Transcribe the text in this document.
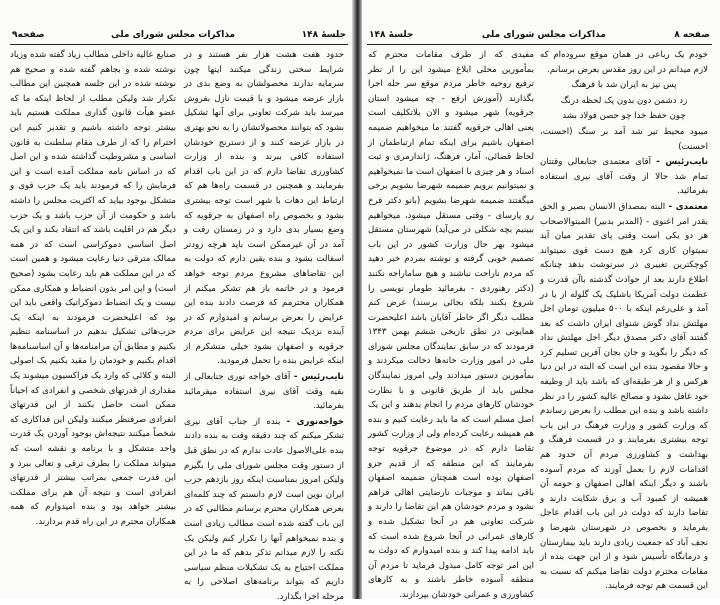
صفحه ۸
مذاکرات مجلس شورای ملی
جلسهٔ ۱۴۸

خودم یک رباعی در همان موقع سروده‌ام که لازم میدانم در این روز مقدس بعرض برسانم.

پس نیز به ایران شد با فرهنگ

زد دشمن دون بدون یک لحظه درنگ

چون حفظ خدا چو حصن فولاد بشد

میبود محیط تیر شد آمد بر سنگ (احسنت، احسنت)

نایب‌رئیس - آقای معتمدی جنابعالی وقتتان تمام شد حالا از وقت آقای نیری استفاده بفرمائید.

معتمدی - البته بمصداق الانسان بصیر و الحق بقدر امر اعنوی - (المدبر بدبیر) المبتوالاصحاب هر دو یکی است وقتی پای تقدیر میان آید نمیتوان کاری کرد هیچ دست قوی نمیتواند کوچکترین تغییری در سرنوشت بدهد چنانکه اطلاع دارند بعد از حوادث گذشته باآن قدرت و عظمت دولت آمریکا باشلیک یک گلوله از یا در آمد و علی‌رغم اینکه با ۵۰۰ میلیون تومان اجل مهلتش نداد گوش شنوای ایران داشت که بعد گفتند آقای دکتر مصدق دیگر اجل مهلتش نداد که دیگر را بگوید و جان بجان آفرین تسلیم کرد و حالا مقصود بنده این است که البته در این دنیا هرکس و از هر طبقه‌ای که باشد باید از وظیفه خود غافل نشود و مصالح عالیه کشور را در نظر داشته باشد و بنده این مطلب را بعرض رساندم که وزارت کشور و وزارت فرهنگ در این باب توجه بیشتری بفرمایند و در قسمت فرهنگ و بهداشت و کشاورزی مردم آن حدود هم اقدامات لازم را بعمل آورند که مردم آسوده باشند و دیگر اینکه اهالی اصفهان و حومه آن همیشه از کمبود آب و برق شکایت دارند و تقاضا دارند که دولت در این باب اقدام عاجل بفرماید و بخصوص در شهرستان شهرضا و نجف آباد که جمعیت زیادی دارند باید بیمارستان و درمانگاه تأسیس شود و از این جهت بنده از مقامات محترم دولت تقاضا میکنم که نسبت به این قسمت هم توجه فرمایند.

مفیدی که از طرف مقامات محترم که بمأمورین محلی ابلاغ میشود این را از نظر ترفیع روحیه خاطر مردم موقع سر حله اجرا بگذارند (آموزش ارفع - چه میشود استان جرقویه) شهر میشود و الان بلاتکلیف است یعنی اهالی جرقویه گفتند ما میخواهیم ضمیمه اصفهان باشیم برای اینکه تمام ارتباطمان از لحاظ قضائی، آمار، فرهنگ، ژاندارمری و ثبت اسناد و هر چیزی با اصفهان است ما نمیخواهیم و نمیتوانیم برویم ضمیمه شهرضا بشویم برخی میگفتند ضمیمه شهرضا بشویم (بانو دکتر فرخ رو پارسای - وقتی مستقل میشود، میخواهیم ببینیم بچه شکلی در می‌آید) شهرستان مستقل میشود بهر حال وزارت کشور در این باب تصمیم خوبی گرفته و نوشته بمردم خبر دهید که مردم ناراحت نباشند و هیچ ساماراجه نکنند (دکتر رهنوردی - بفرمائید طومار نویسی را شروع بکنند بلکه بجائی برسند) عرض کنم مطلب دیگر اگر خاطر آقایان باشد اعلیحضرت همایونی در نطق تاریخی ششم بهمن ۱۳۴۳ فرمودند که در سابق نمایندگان مجلس شورای ملی در امور وزارت خانه‌ها دخالت میکردند و بمأمورین دستور میدادند ولی امروز نمایندگان مجلس باید از طریق قانونی و با نظارت خودشان کارهای مردم را انجام بدهند و این یک اصل مسلم است که ما باید رعایت کنیم و بنده هم همیشه رعایت کرده‌ام ولی از وزارت کشور تقاضا دارم که در موضوع جرقویه توجه بفرمایند که این منطقه که از قدیم جزو اصفهان بوده است همچنان ضمیمه اصفهان باقی بماند و موجبات نارضایتی اهالی فراهم نشود و مردم خودشان هم این تقاضا را دارند و شرکت تعاونی هم در آنجا تشکیل شده و کارهای عمرانی در آنجا شروع شده است که باید ادامه پیدا کند و بنده امیدوارم که دولت به این امر توجه کامل مبذول فرماید تا مردم آن منطقه آسوده خاطر باشند و به کارهای کشاورزی و عمرانی خودشان بپردازند.

جلسهٔ ۱۴۸
مذاکرات مجلس شورای ملی
صفحه۹

حدود هفت هشت هزار نفر هستند و در شرایط سختی زندگی میکنند اینها چون سرمایه ندارند محصولشان به وضع بدی در بازار عرضه میشود و با قیمت نازل بفروش میرسد باید شرکت تعاونی برای آنها تشکیل بشود که بتوانند محصولاتشان را به نحو بهتری در بازار عرضه کنند و از دسترنج خودشان استفاده کافی ببرند و بنده از وزارت کشاورزی تقاضا دارم که در این باب اقدام بفرمایند و همچنین در قسمت راه‌ها هم که ارتباط این دهات با شهر است توجه بیشتری بشود و بخصوص راه اصفهان به جرقویه که وضع بسیار بدی دارد و در زمستان رفت و آمد در آن غیرممکن است باید هرچه زودتر اسفالت بشود و بنده یقین دارم که دولت به این تقاضاهای مشروع مردم توجه خواهد فرمود و در خاتمه باز هم تشکر میکنم از همکاران محترمم که فرصت دادند بنده این عرایض را بعرض برسانم و امیدوارم که در آینده نزدیک نتیجه این عرایض برای مردم جرقویه و اصفهان بشود خیلی متشکرم از اینکه عرایض بنده را تحمل فرمودید.

نایب‌رئیس - آقای خواجه نوری جنابعالی از بقیه وقت آقای نیری استفاده میفرمائید بفرمائید.

خواجه‌نوری - بنده از جناب آقای نیری تشکر میکنم که چند دقیقه وقت به بنده دادند بنده علی‌الاصول عادت ندارم که در نطق قبل از دستور وقت مجلس شورای ملی را بگیرم ولیکن امروز بمناسبت اینکه روز بازدهم حزب ایران نوین است لازم دانستم که چند کلمه‌ای بعرض همکاران محترم برسانم مطالبی که در این باب گفته شده است مطالب زیادی است و بنده نمیخواهم آنها را تکرار کنم ولیکن یک نکته را لازم میدانم تذکر بدهم که ما در این مملکت احتیاج به یک تشکیلات منظم سیاسی داریم که بتواند برنامه‌های اصلاحی را به مرحله اجرا بگذارد.

صنایع عالیه داخلی مطالب زیاد گفته شده وزیاد نوشته شده و بجاهم گفته شده و صحیح هم نوشته شده در این جلسه همچنین این مطالب تکرار شد ولیکن مطلب از لحاظ اینکه ما که عضو هیأت قانون گذاری مملکت هستیم باید بیشتر توجه داشته باشیم و تقدیر کنیم این احترام را که از طرف مقام سلطنت به قانون اساسی و مشروطیت گذاشته شده و این اصل که در اساس نامه مملکت آمده است و این فرمایش را که فرمودند باید یک حزب قوی و متشکل بوجود بیاید که اکثریت مجلس را داشته باشد و حکومت از آن حزب باشد و یک حزب دیگر هم در اقلیت باشد که انتقاد بکند و این یک اصل اساسی دموکراسی است که در همه ممالک مترقی دنیا رعایت میشود و همین است که در این مملکت هم باید رعایت بشود (صحیح است) و این امر بدون انضباط و همکاری ممکن نیست و یک انضباط دموکراتیک واقعی باید این بود که اعلیحضرت فرمودند به اینکه یک حزب‌هائی تشکیل بدهیم در اساسنامه تنظیم بکنیم و مطابق آن مرامنامه‌ها و آن اساسنامه‌ها اقدام بکنیم و خودمان را مقید بکنیم یک اصولی البته و کلائی که وارد یک فراکسیون میشوند یک مقداری از قدرتهای شخصی و انفرادی که احیاناً ممکن است حاصل بکنند از این قدرتهای انفرادی صرفنظر میکنند ولیکن این فداکاری که شخصاً میکنند نتیجه‌اش بوجود آوردن یک قدرت واحد متشکل و با برنامه و نقشه است که میتواند مملکت را بطرف ترقی و تعالی ببرد و این قدرت جمعی بمراتب بیشتر از قدرتهای انفرادی است و نتیجه آن هم برای مملکت بیشتر خواهد بود و بنده امیدوارم که همه همکاران محترم در این راه قدم بردارند.
